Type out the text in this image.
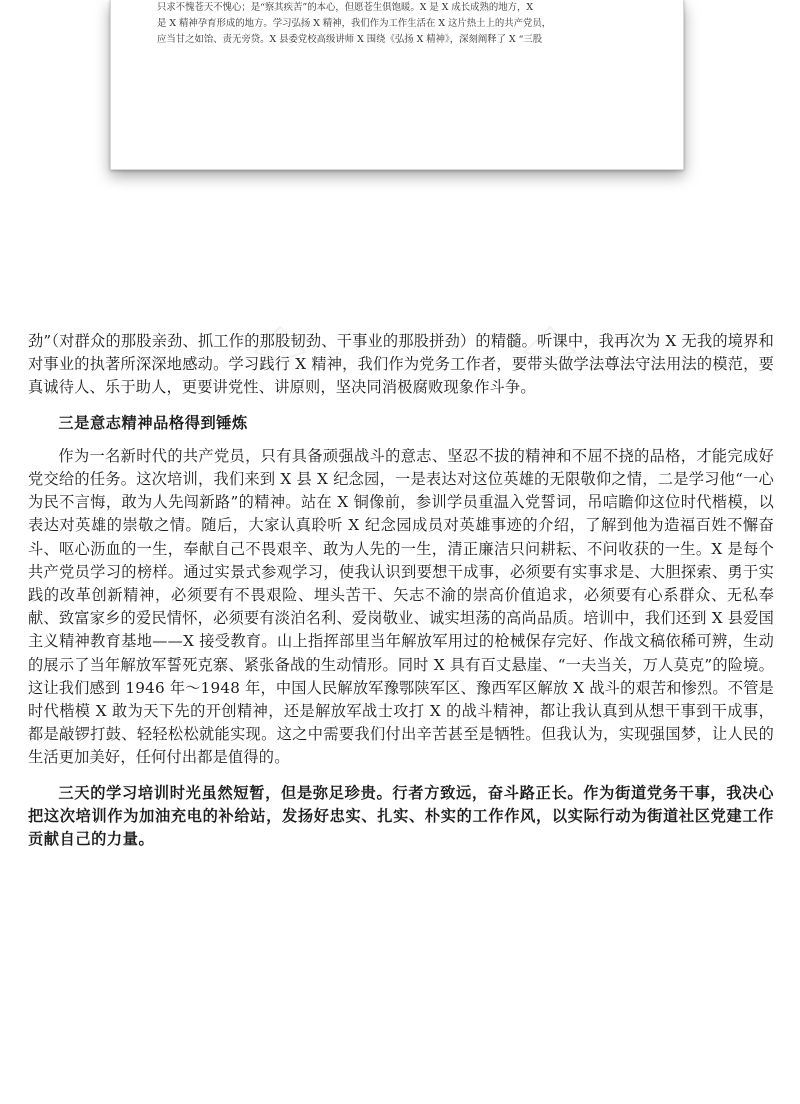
只求不愧苍天不愧心；是“察其疾苦”的本心，但愿苍生俱饱暖。X 是 X 成长成熟的地方，X
是 X 精神孕育形成的地方。学习弘扬 X 精神，我们作为工作生活在 X 这片热土上的共产党员，
应当甘之如饴、责无旁贷。X 县委党校高级讲师 X 围绕《弘扬 X 精神》，深刻阐释了 X “三股

劲”（对群众的那股亲劲、抓工作的那股韧劲、干事业的那股拼劲）的精髓。听课中，我再次为 X 无我的境界和对事业的执著所深深地感动。学习践行 X 精神，我们作为党务工作者，要带头做学法尊法守法用法的模范，要真诚待人、乐于助人，更要讲党性、讲原则，坚决同消极腐败现象作斗争。

三是意志精神品格得到锤炼

作为一名新时代的共产党员，只有具备顽强战斗的意志、坚忍不拔的精神和不屈不挠的品格，才能完成好党交给的任务。这次培训，我们来到 X 县 X 纪念园，一是表达对这位英雄的无限敬仰之情，二是学习他“一心为民不言悔，敢为人先闯新路”的精神。站在 X 铜像前，参训学员重温入党誓词，吊唁瞻仰这位时代楷模，以表达对英雄的崇敬之情。随后，大家认真聆听 X 纪念园成员对英雄事迹的介绍，了解到他为造福百姓不懈奋斗、呕心沥血的一生，奉献自己不畏艰辛、敢为人先的一生，清正廉洁只问耕耘、不问收获的一生。X 是每个共产党员学习的榜样。通过实景式参观学习，使我认识到要想干成事，必须要有实事求是、大胆探索、勇于实践的改革创新精神，必须要有不畏艰险、埋头苦干、矢志不渝的崇高价值追求，必须要有心系群众、无私奉献、致富家乡的爱民情怀，必须要有淡泊名利、爱岗敬业、诚实坦荡的高尚品质。培训中，我们还到 X 县爱国主义精神教育基地——X 接受教育。山上指挥部里当年解放军用过的枪械保存完好、作战文稿依稀可辨，生动的展示了当年解放军誓死克寨、紧张备战的生动情形。同时 X 具有百丈悬崖、“一夫当关，万人莫克”的险境。这让我们感到 1946 年～1948 年，中国人民解放军豫鄂陕军区、豫西军区解放 X 战斗的艰苦和惨烈。不管是时代楷模 X 敢为天下先的开创精神，还是解放军战士攻打 X 的战斗精神，都让我认真到从想干事到干成事，都是敲锣打鼓、轻轻松松就能实现。这之中需要我们付出辛苦甚至是牺牲。但我认为，实现强国梦，让人民的生活更加美好，任何付出都是值得的。

三天的学习培训时光虽然短暂，但是弥足珍贵。行者方致远，奋斗路正长。作为街道党务干事，我决心把这次培训作为加油充电的补给站，发扬好忠实、扎实、朴实的工作作风，以实际行动为街道社区党建工作贡献自己的力量。
